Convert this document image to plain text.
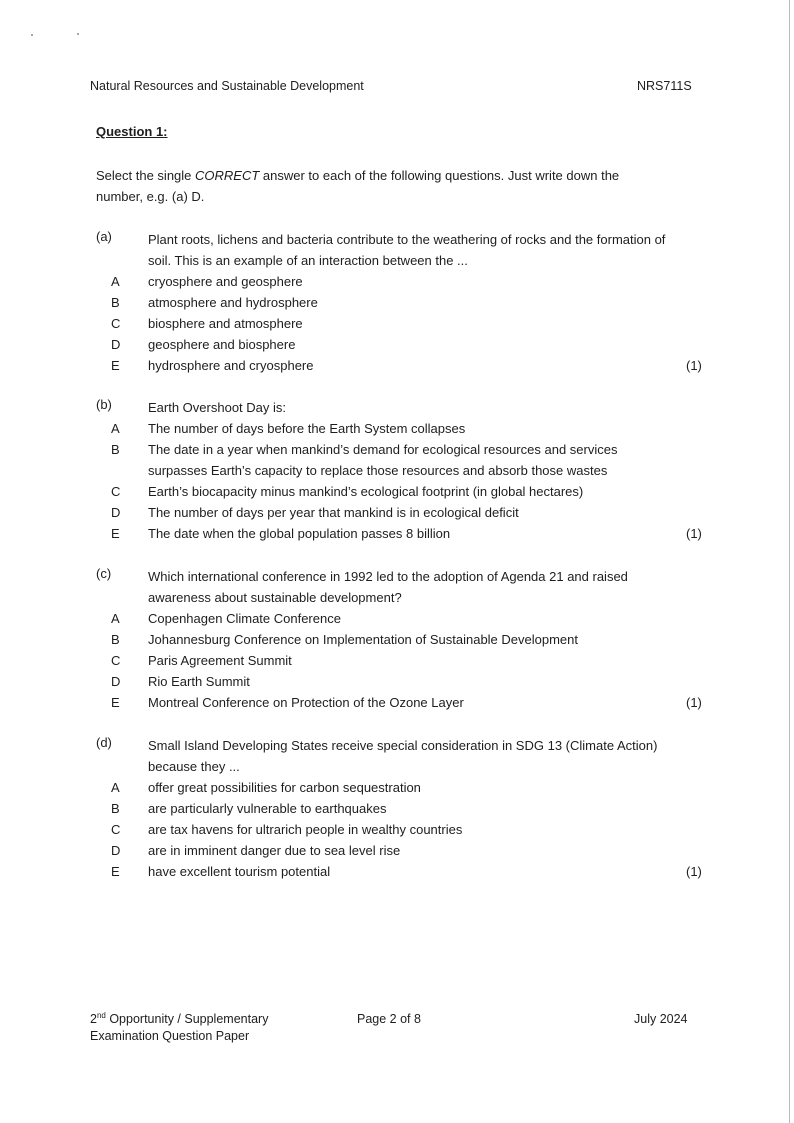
Natural Resources and Sustainable Development	NRS711S
Question 1:
Select the single CORRECT answer to each of the following questions. Just write down the number, e.g. (a) D.
(a)	Plant roots, lichens and bacteria contribute to the weathering of rocks and the formation of soil. This is an example of an interaction between the ...
A cryosphere and geosphere
B atmosphere and hydrosphere
C biosphere and atmosphere
D geosphere and biosphere
E hydrosphere and cryosphere	(1)
(b)	Earth Overshoot Day is:
A The number of days before the Earth System collapses
B The date in a year when mankind’s demand for ecological resources and services surpasses Earth’s capacity to replace those resources and absorb those wastes
C Earth’s biocapacity minus mankind’s ecological footprint (in global hectares)
D The number of days per year that mankind is in ecological deficit
E The date when the global population passes 8 billion	(1)
(c)	Which international conference in 1992 led to the adoption of Agenda 21 and raised awareness about sustainable development?
A Copenhagen Climate Conference
B Johannesburg Conference on Implementation of Sustainable Development
C Paris Agreement Summit
D Rio Earth Summit
E Montreal Conference on Protection of the Ozone Layer	(1)
(d)	Small Island Developing States receive special consideration in SDG 13 (Climate Action) because they ...
A offer great possibilities for carbon sequestration
B are particularly vulnerable to earthquakes
C are tax havens for ultrarich people in wealthy countries
D are in imminent danger due to sea level rise
E have excellent tourism potential	(1)
2nd Opportunity / Supplementary
Examination Question Paper
Page 2 of 8	July 2024
